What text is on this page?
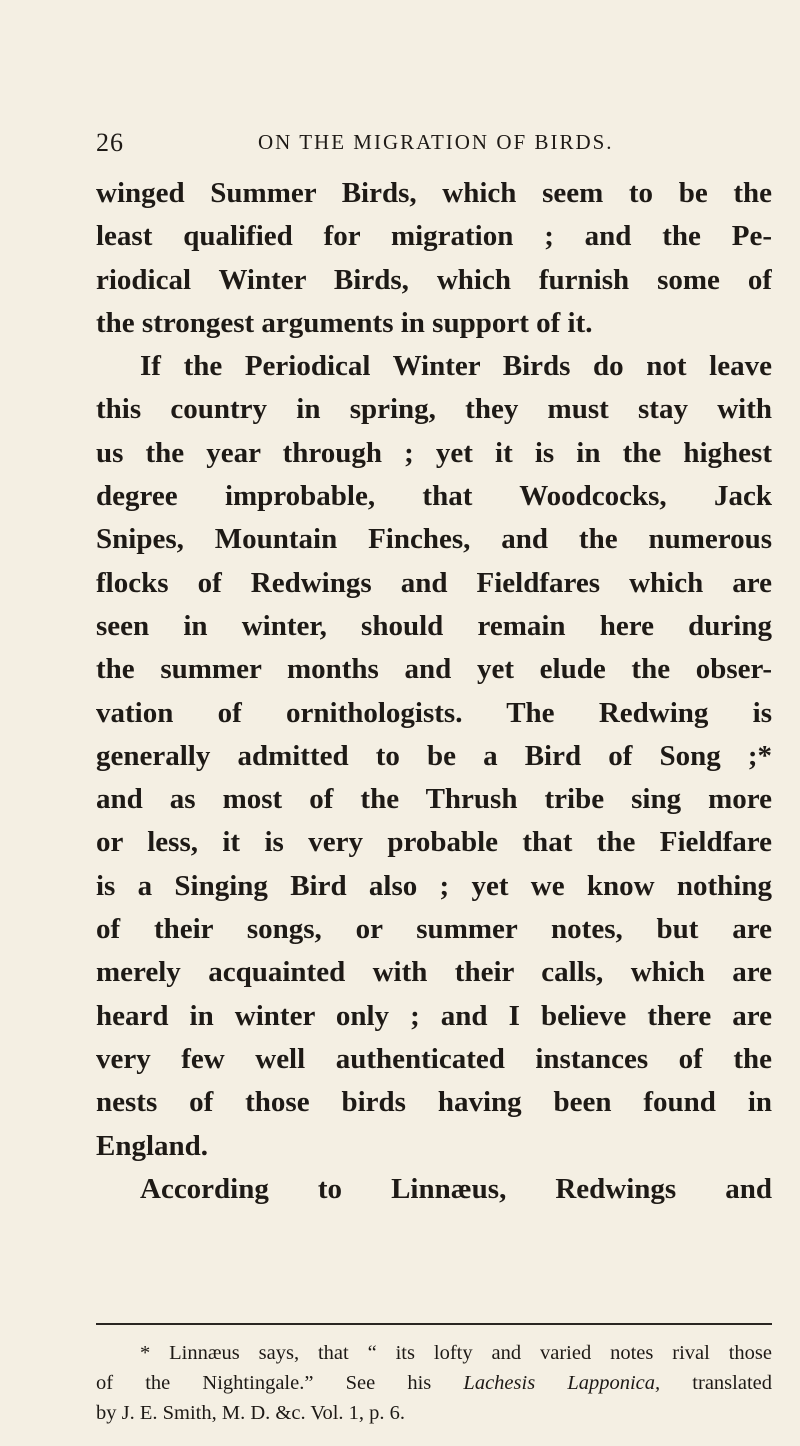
26	ON THE MIGRATION OF BIRDS.
winged Summer Birds, which seem to be the
least qualified for migration ; and the Pe-
riodical Winter Birds, which furnish some of
the strongest arguments in support of it.
If the Periodical Winter Birds do not leave
this country in spring, they must stay with
us the year through ; yet it is in the highest
degree improbable, that Woodcocks, Jack
Snipes, Mountain Finches, and the numerous
flocks of Redwings and Fieldfares which are
seen in winter, should remain here during
the summer months and yet elude the obser-
vation of ornithologists. The Redwing is
generally admitted to be a Bird of Song ;*
and as most of the Thrush tribe sing more
or less, it is very probable that the Fieldfare
is a Singing Bird also ; yet we know nothing
of their songs, or summer notes, but are
merely acquainted with their calls, which are
heard in winter only ; and I believe there are
very few well authenticated instances of the
nests of those birds having been found in
England.
According to Linnæus, Redwings and
* Linnæus says, that “ its lofty and varied notes rival those
of the Nightingale.” See his Lachesis Lapponica, translated
by J. E. Smith, M. D. &c. Vol. 1, p. 6.
